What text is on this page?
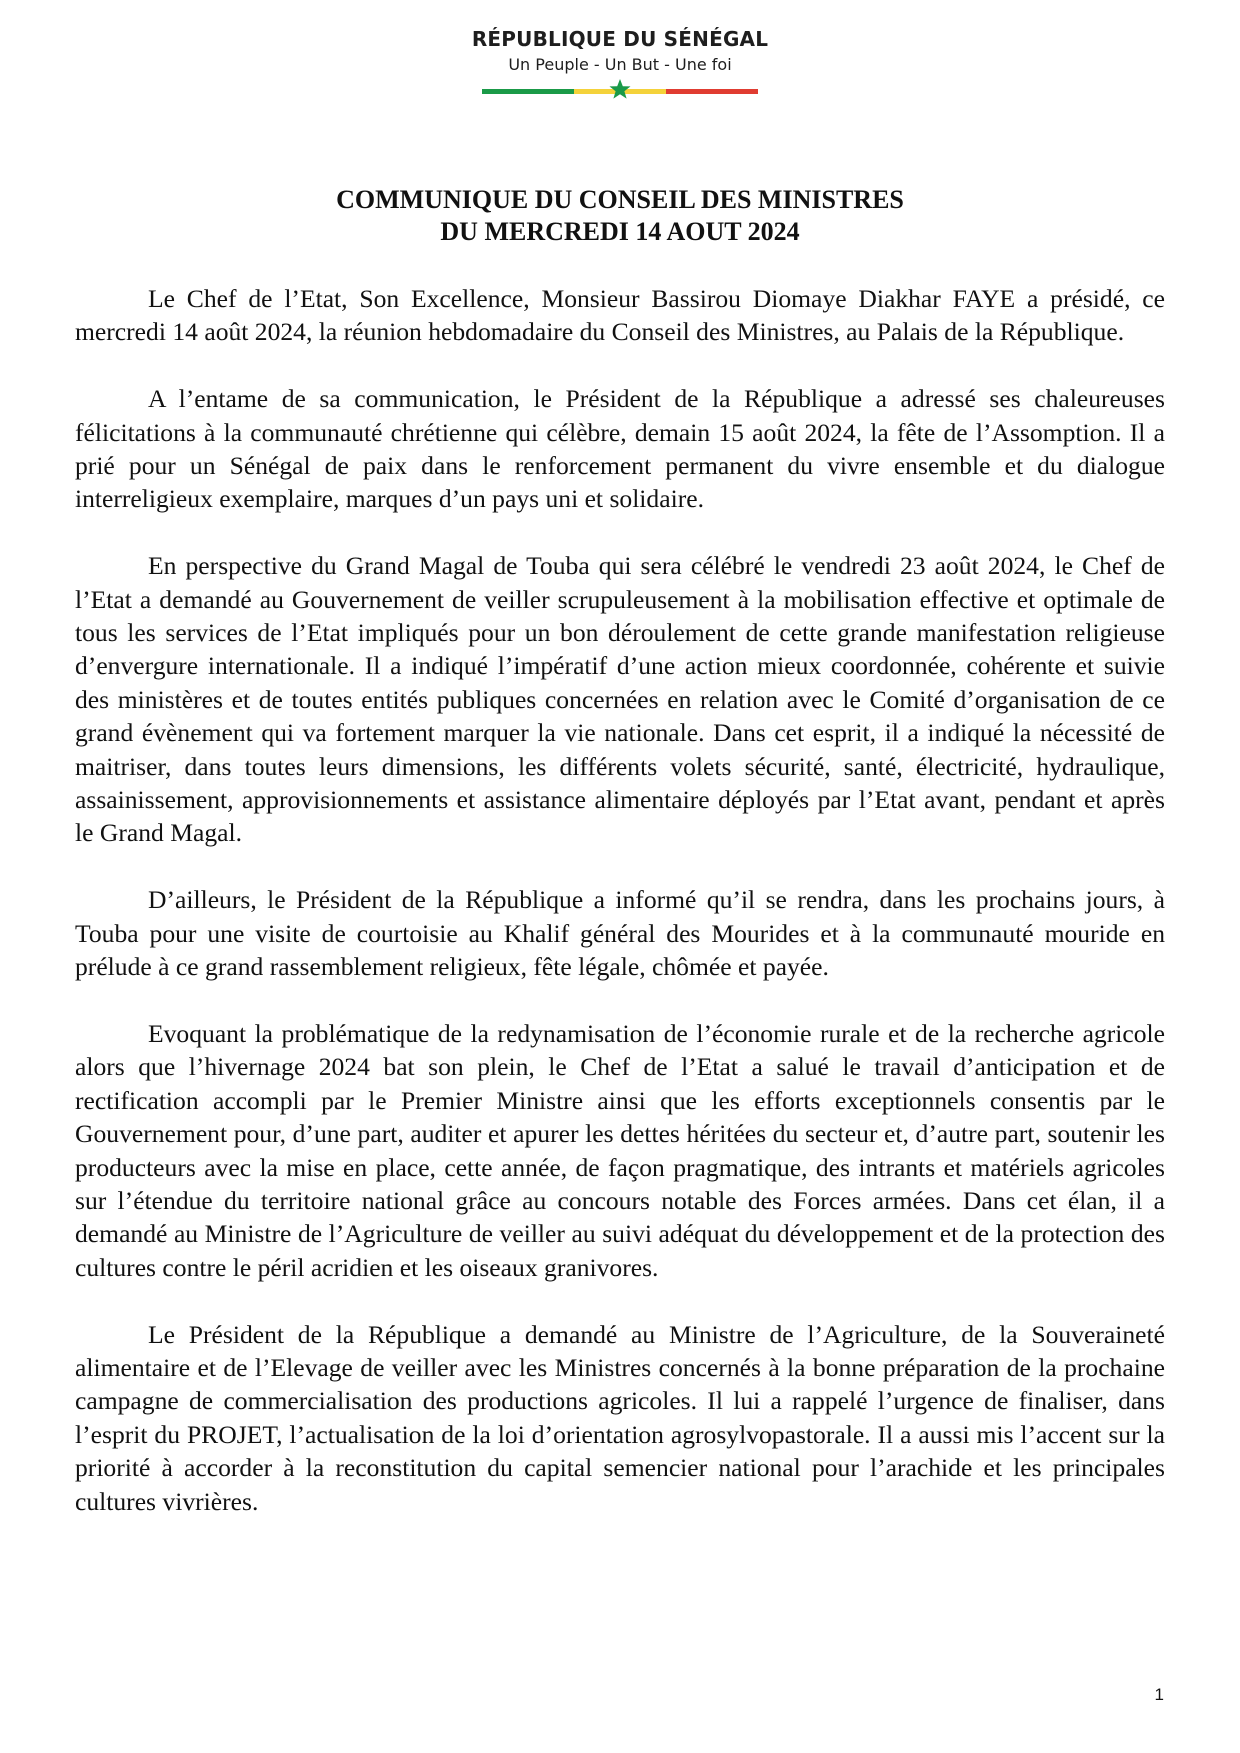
RÉPUBLIQUE DU SÉNÉGAL
Un Peuple - Un But - Une foi
COMMUNIQUE DU CONSEIL DES MINISTRES
DU MERCREDI 14 AOUT 2024

Le Chef de l’Etat, Son Excellence, Monsieur Bassirou Diomaye Diakhar FAYE a présidé, ce mercredi 14 août 2024, la réunion hebdomadaire du Conseil des Ministres, au Palais de la République.

A l’entame de sa communication, le Président de la République a adressé ses chaleureuses félicitations à la communauté chrétienne qui célèbre, demain 15 août 2024, la fête de l’Assomption. Il a prié pour un Sénégal de paix dans le renforcement permanent du vivre ensemble et du dialogue interreligieux exemplaire, marques d’un pays uni et solidaire.

En perspective du Grand Magal de Touba qui sera célébré le vendredi 23 août 2024, le Chef de l’Etat a demandé au Gouvernement de veiller scrupuleusement à la mobilisation effective et optimale de tous les services de l’Etat impliqués pour un bon déroulement de cette grande manifestation religieuse d’envergure internationale. Il a indiqué l’impératif d’une action mieux coordonnée, cohérente et suivie des ministères et de toutes entités publiques concernées en relation avec le Comité d’organisation de ce grand évènement qui va fortement marquer la vie nationale. Dans cet esprit, il a indiqué la nécessité de maitriser, dans toutes leurs dimensions, les différents volets sécurité, santé, électricité, hydraulique, assainissement, approvisionnements et assistance alimentaire déployés par l’Etat avant, pendant et après le Grand Magal.

D’ailleurs, le Président de la République a informé qu’il se rendra, dans les prochains jours, à Touba pour une visite de courtoisie au Khalif général des Mourides et à la communauté mouride en prélude à ce grand rassemblement religieux, fête légale, chômée et payée.

Evoquant la problématique de la redynamisation de l’économie rurale et de la recherche agricole alors que l’hivernage 2024 bat son plein, le Chef de l’Etat a salué le travail d’anticipation et de rectification accompli par le Premier Ministre ainsi que les efforts exceptionnels consentis par le Gouvernement pour, d’une part, auditer et apurer les dettes héritées du secteur et, d’autre part, soutenir les producteurs avec la mise en place, cette année, de façon pragmatique, des intrants et matériels agricoles sur l’étendue du territoire national grâce au concours notable des Forces armées. Dans cet élan, il a demandé au Ministre de l’Agriculture de veiller au suivi adéquat du développement et de la protection des cultures contre le péril acridien et les oiseaux granivores.

Le Président de la République a demandé au Ministre de l’Agriculture, de la Souveraineté alimentaire et de l’Elevage de veiller avec les Ministres concernés à la bonne préparation de la prochaine campagne de commercialisation des productions agricoles. Il lui a rappelé l’urgence de finaliser, dans l’esprit du PROJET, l’actualisation de la loi d’orientation agrosylvopastorale. Il a aussi mis l’accent sur la priorité à accorder à la reconstitution du capital semencier national pour l’arachide et les principales cultures vivrières.

1
